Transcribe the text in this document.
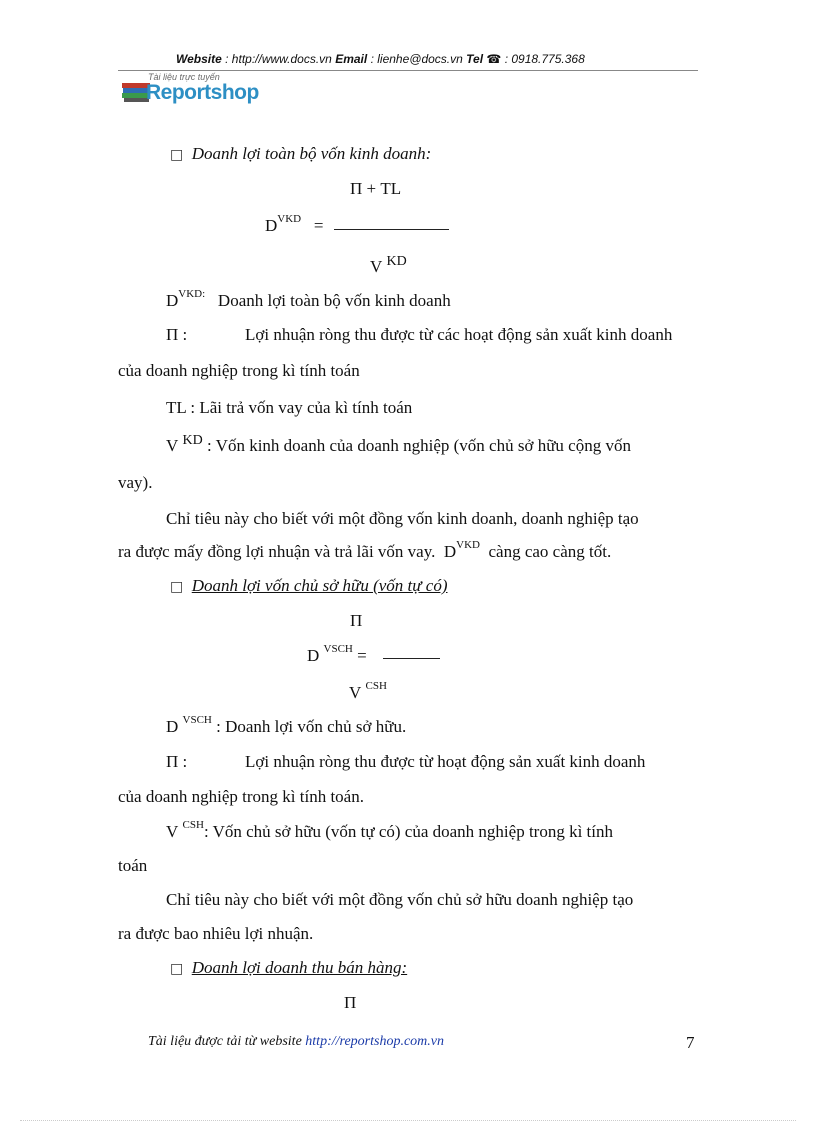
Website : http://www.docs.vn Email : lienhe@docs.vn Tel ☎ : 0918.775.368
Tài liệu trực tuyến
Reportshop
□ Doanh lợi toàn bộ vốn kinh doanh:
Π + TL
$D^{VKD}$ =
V $^{KD}$
$D^{VKD:}$ Doanh lợi toàn bộ vốn kinh doanh
Π :	Lợi nhuận ròng thu được từ các hoạt động sản xuất kinh doanh
của doanh nghiệp trong kì tính toán
TL : Lãi trả vốn vay của kì tính toán
V $^{KD}$ : Vốn kinh doanh của doanh nghiệp (vốn chủ sở hữu cộng vốn
vay).
Chỉ tiêu này cho biết với một đồng vốn kinh doanh, doanh nghiệp tạo
ra được mấy đồng lợi nhuận và trả lãi vốn vay. $D^{VKD}$ càng cao càng tốt.
□ Doanh lợi vốn chủ sở hữu (vốn tự có)
Π
D $^{VSCH}$ =
V $^{CSH}$
D $^{VSCH}$ : Doanh lợi vốn chủ sở hữu.
Π :	Lợi nhuận ròng thu được từ hoạt động sản xuất kinh doanh
của doanh nghiệp trong kì tính toán.
V $^{CSH}$: Vốn chủ sở hữu (vốn tự có) của doanh nghiệp trong kì tính
toán
Chỉ tiêu này cho biết với một đồng vốn chủ sở hữu doanh nghiệp tạo
ra được bao nhiêu lợi nhuận.
□ Doanh lợi doanh thu bán hàng:
Π
Tài liệu được tải từ website http://reportshop.com.vn	7
